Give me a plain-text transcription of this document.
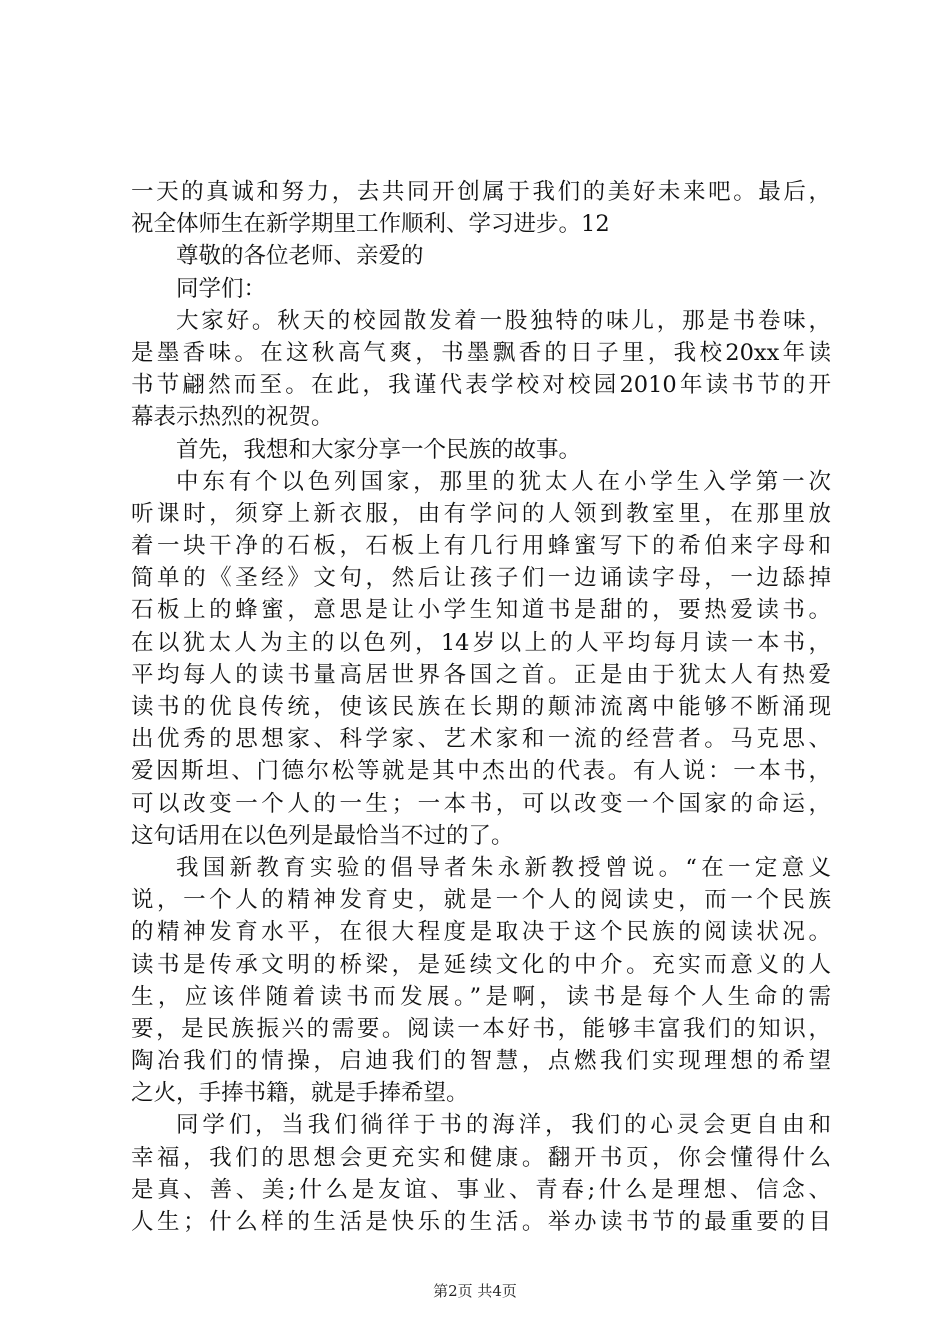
一天的真诚和努力，去共同开创属于我们的美好未来吧。最后，
祝全体师生在新学期里工作顺利、学习进步。12
尊敬的各位老师、亲爱的
同学们：
大家好。秋天的校园散发着一股独特的味儿，那是书卷味，
是墨香味。在这秋高气爽，书墨飘香的日子里，我校20xx年读
书节翩然而至。在此，我谨代表学校对校园2010年读书节的开
幕表示热烈的祝贺。
首先，我想和大家分享一个民族的故事。
中东有个以色列国家，那里的犹太人在小学生入学第一次
听课时，须穿上新衣服，由有学问的人领到教室里，在那里放
着一块干净的石板，石板上有几行用蜂蜜写下的希伯来字母和
简单的《圣经》文句，然后让孩子们一边诵读字母，一边舔掉
石板上的蜂蜜，意思是让小学生知道书是甜的，要热爱读书。
在以犹太人为主的以色列，14岁以上的人平均每月读一本书，
平均每人的读书量高居世界各国之首。正是由于犹太人有热爱
读书的优良传统，使该民族在长期的颠沛流离中能够不断涌现
出优秀的思想家、科学家、艺术家和一流的经营者。马克思、
爱因斯坦、门德尔松等就是其中杰出的代表。有人说：一本书，
可以改变一个人的一生；一本书，可以改变一个国家的命运，
这句话用在以色列是最恰当不过的了。
我国新教育实验的倡导者朱永新教授曾说。“在一定意义
说，一个人的精神发育史，就是一个人的阅读史，而一个民族
的精神发育水平，在很大程度是取决于这个民族的阅读状况。
读书是传承文明的桥梁，是延续文化的中介。充实而意义的人
生，应该伴随着读书而发展。”是啊，读书是每个人生命的需
要，是民族振兴的需要。阅读一本好书，能够丰富我们的知识，
陶冶我们的情操，启迪我们的智慧，点燃我们实现理想的希望
之火，手捧书籍，就是手捧希望。
同学们，当我们徜徉于书的海洋，我们的心灵会更自由和
幸福，我们的思想会更充实和健康。翻开书页，你会懂得什么
是真、善、美;什么是友谊、事业、青春;什么是理想、信念、
人生；什么样的生活是快乐的生活。举办读书节的最重要的目
第2页 共4页
